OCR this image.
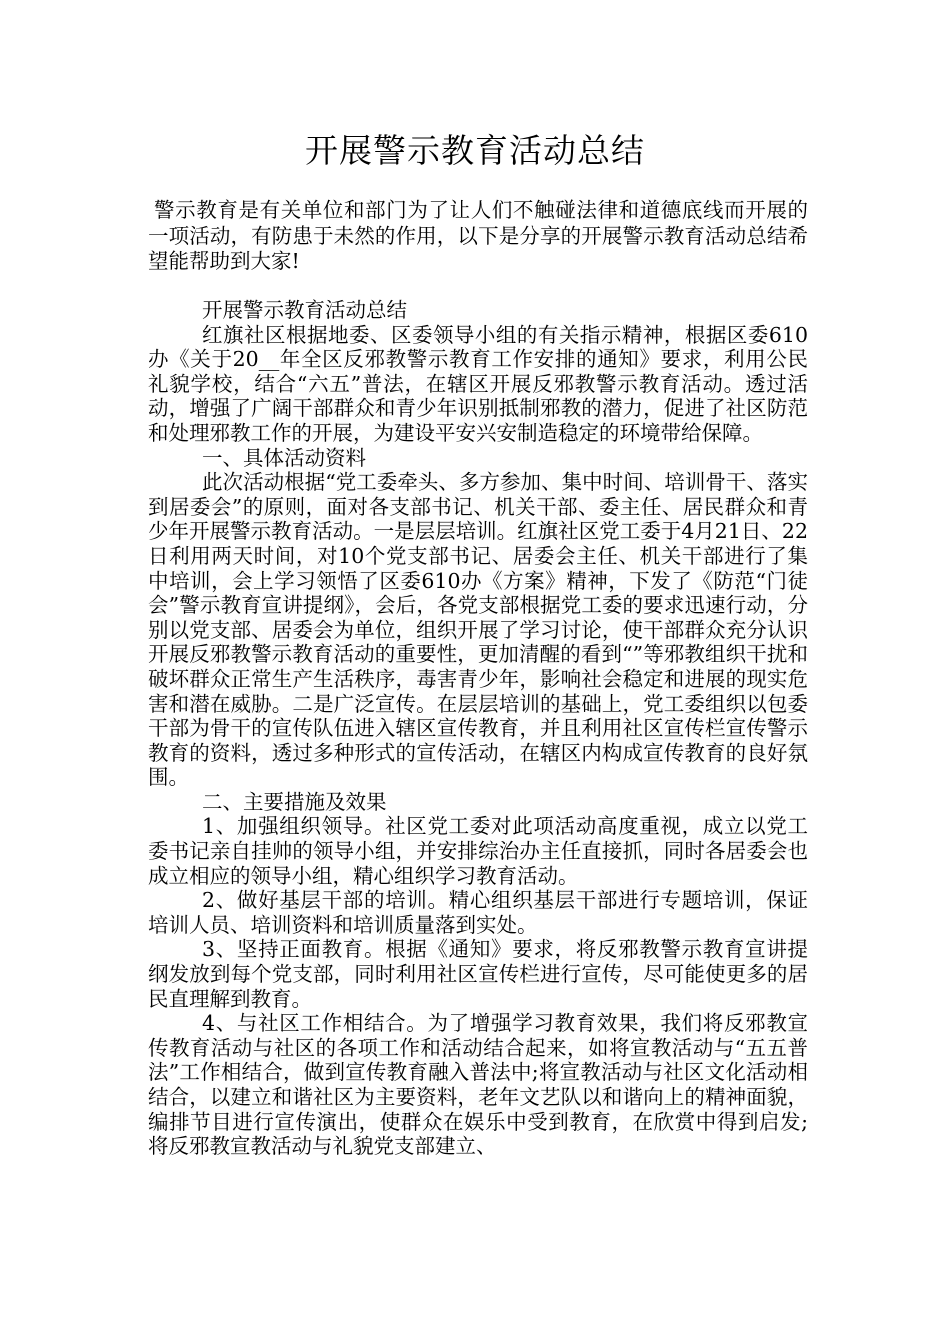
开展警示教育活动总结

警示教育是有关单位和部门为了让人们不触碰法律和道德底线而开展的一项活动，有防患于未然的作用，以下是分享的开展警示教育活动总结希望能帮助到大家!

开展警示教育活动总结

红旗社区根据地委、区委领导小组的有关指示精神，根据区委610办《关于20__年全区反邪教警示教育工作安排的通知》要求，利用公民礼貌学校，结合“六五”普法，在辖区开展反邪教警示教育活动。透过活动，增强了广阔干部群众和青少年识别抵制邪教的潜力，促进了社区防范和处理邪教工作的开展，为建设平安兴安制造稳定的环境带给保障。

一、具体活动资料

此次活动根据“党工委牵头、多方参加、集中时间、培训骨干、落实到居委会”的原则，面对各支部书记、机关干部、委主任、居民群众和青少年开展警示教育活动。一是层层培训。红旗社区党工委于4月21日、22日利用两天时间，对10个党支部书记、居委会主任、机关干部进行了集中培训，会上学习领悟了区委610办《方案》精神，下发了《防范“门徒会”警示教育宣讲提纲》，会后，各党支部根据党工委的要求迅速行动，分别以党支部、居委会为单位，组织开展了学习讨论，使干部群众充分认识开展反邪教警示教育活动的重要性，更加清醒的看到“”等邪教组织干扰和破坏群众正常生产生活秩序，毒害青少年，影响社会稳定和进展的现实危害和潜在威胁。二是广泛宣传。在层层培训的基础上，党工委组织以包委干部为骨干的宣传队伍进入辖区宣传教育，并且利用社区宣传栏宣传警示教育的资料，透过多种形式的宣传活动，在辖区内构成宣传教育的良好氛围。

二、主要措施及效果

1、加强组织领导。社区党工委对此项活动高度重视，成立以党工委书记亲自挂帅的领导小组，并安排综治办主任直接抓，同时各居委会也成立相应的领导小组，精心组织学习教育活动。

2、做好基层干部的培训。精心组织基层干部进行专题培训，保证培训人员、培训资料和培训质量落到实处。

3、坚持正面教育。根据《通知》要求，将反邪教警示教育宣讲提纲发放到每个党支部，同时利用社区宣传栏进行宣传，尽可能使更多的居民直理解到教育。

4、与社区工作相结合。为了增强学习教育效果，我们将反邪教宣传教育活动与社区的各项工作和活动结合起来，如将宣教活动与“五五普法”工作相结合，做到宣传教育融入普法中;将宣教活动与社区文化活动相结合，以建立和谐社区为主要资料，老年文艺队以和谐向上的精神面貌，编排节目进行宣传演出，使群众在娱乐中受到教育，在欣赏中得到启发;将反邪教宣教活动与礼貌党支部建立、
